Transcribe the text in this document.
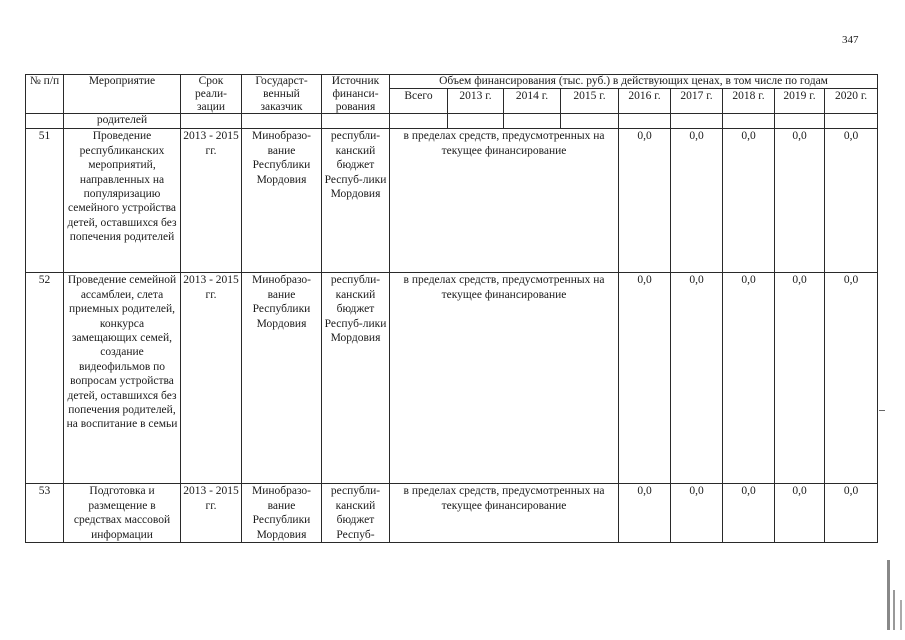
347
№ п/п	Мероприятие	Срок реали-зации	Государст-венный заказчик	Источник финанси-рования	Объем финансирования (тыс. руб.) в действующих ценах, в том числе по годам								
					Всего	2013 г.	2014 г.	2015 г.	2016 г.	2017 г.	2018 г.	2019 г.	2020 г.
	родителей												
51	Проведение республиканских мероприятий, направленных на популяризацию семейного устройства детей, оставшихся без попечения родителей	2013 - 2015 гг.	Минобразо-вание Республики Мордовия	республи-канский бюджет Респуб-лики Мордовия	в пределах средств, предусмотренных на текущее финансирование				0,0	0,0	0,0	0,0	0,0
52	Проведение семейной ассамблеи, слета приемных родителей, конкурса замещающих семей, создание видеофильмов по вопросам устройства детей, оставшихся без попечения родителей, на воспитание в семьи	2013 - 2015 гг.	Минобразо-вание Республики Мордовия	республи-канский бюджет Респуб-лики Мордовия	в пределах средств, предусмотренных на текущее финансирование				0,0	0,0	0,0	0,0	0,0
53	Подготовка и размещение в средствах массовой информации	2013 - 2015 гг.	Минобразо-вание Республики Мордовия	республи-канский бюджет Респуб-	в пределах средств, предусмотренных на текущее финансирование				0,0	0,0	0,0	0,0	0,0
